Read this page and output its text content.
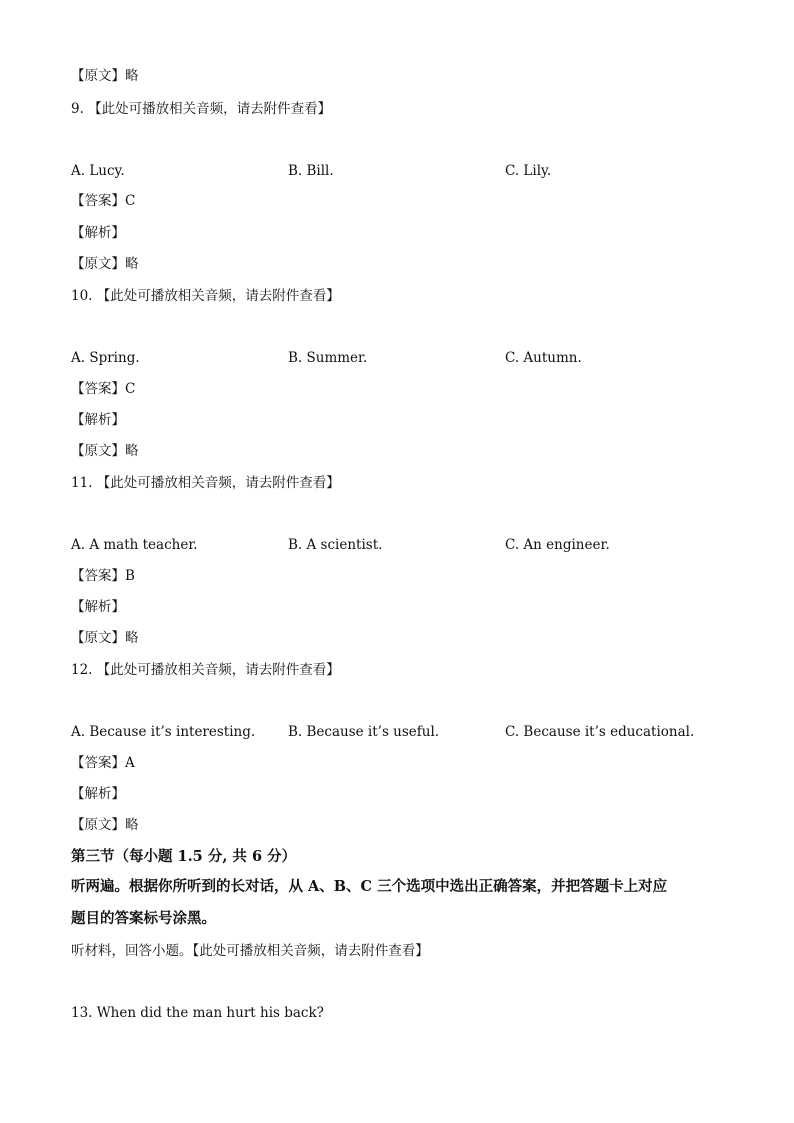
【原文】略
9. 【此处可播放相关音频，请去附件查看】
A. Lucy.	B. Bill.	C. Lily.
【答案】C
【解析】
【原文】略
10. 【此处可播放相关音频，请去附件查看】
A. Spring.	B. Summer.	C. Autumn.
【答案】C
【解析】
【原文】略
11. 【此处可播放相关音频，请去附件查看】
A. A math teacher.	B. A scientist.	C. An engineer.
【答案】B
【解析】
【原文】略
12. 【此处可播放相关音频，请去附件查看】
A. Because it’s interesting. B. Because it’s useful.	C. Because it’s educational.
【答案】A
【解析】
【原文】略
第三节（每小题 1.5 分, 共 6 分）
听两遍。根据你所听到的长对话，从 A、B、C 三个选项中选出正确答案，并把答题卡上对应
题目的答案标号涂黑。
听材料，回答小题。【此处可播放相关音频，请去附件查看】
13. When did the man hurt his back?
